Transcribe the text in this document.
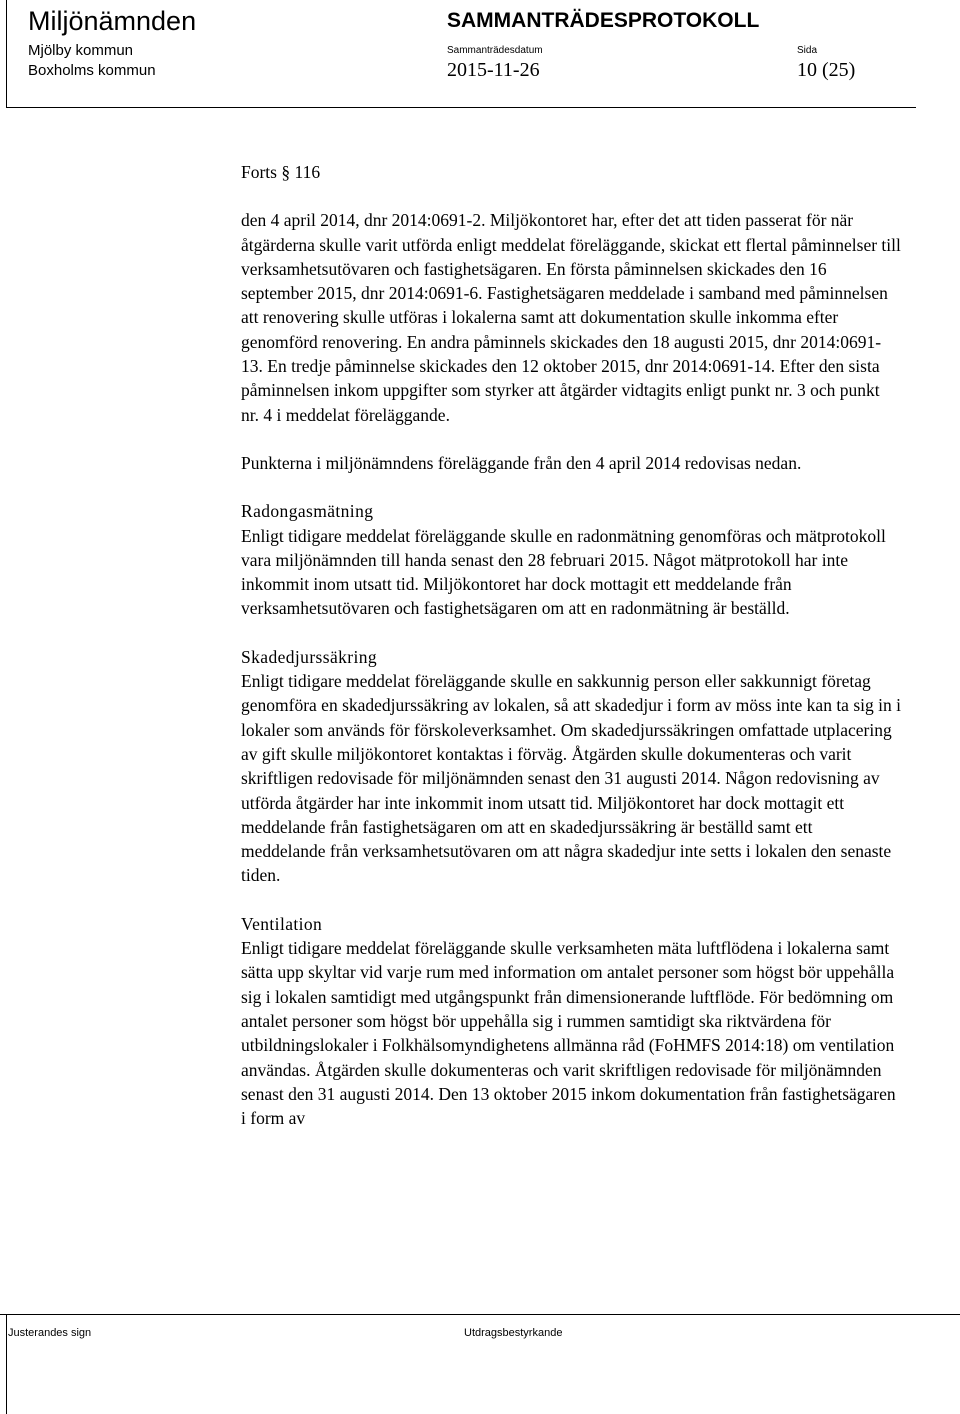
Miljönämnden
Mjölby kommun
Boxholms kommun
SAMMANTRÄDESPROTOKOLL
Sammanträdesdatum
2015-11-26
Sida
10 (25)

Forts § 116

den 4 april 2014, dnr 2014:0691-2. Miljökontoret har, efter det att tiden passerat för när åtgärderna skulle varit utförda enligt meddelat föreläggande, skickat ett flertal påminnelser till verksamhetsutövaren och fastighetsägaren. En första påminnelsen skickades den 16 september 2015, dnr 2014:0691-6. Fastighetsägaren meddelade i samband med påminnelsen att renovering skulle utföras i lokalerna samt att dokumentation skulle inkomma efter genomförd renovering. En andra påminnels skickades den 18 augusti 2015, dnr 2014:0691-13. En tredje påminnelse skickades den 12 oktober 2015, dnr 2014:0691-14. Efter den sista påminnelsen inkom uppgifter som styrker att åtgärder vidtagits enligt punkt nr. 3 och punkt nr. 4 i meddelat föreläggande.

Punkterna i miljönämndens föreläggande från den 4 april 2014 redovisas nedan.

Radongasmätning

Enligt tidigare meddelat föreläggande skulle en radonmätning genomföras och mätprotokoll vara miljönämnden till handa senast den 28 februari 2015. Något mätprotokoll har inte inkommit inom utsatt tid. Miljökontoret har dock mottagit ett meddelande från verksamhetsutövaren och fastighetsägaren om att en radonmätning är beställd.

Skadedjurssäkring

Enligt tidigare meddelat föreläggande skulle en sakkunnig person eller sakkunnigt företag genomföra en skadedjurssäkring av lokalen, så att skadedjur i form av möss inte kan ta sig in i lokaler som används för förskoleverksamhet. Om skadedjurssäkringen omfattade utplacering av gift skulle miljökontoret kontaktas i förväg. Åtgärden skulle dokumenteras och varit skriftligen redovisade för miljönämnden senast den 31 augusti 2014. Någon redovisning av utförda åtgärder har inte inkommit inom utsatt tid. Miljökontoret har dock mottagit ett meddelande från fastighetsägaren om att en skadedjurssäkring är beställd samt ett meddelande från verksamhetsutövaren om att några skadedjur inte setts i lokalen den senaste tiden.

Ventilation

Enligt tidigare meddelat föreläggande skulle verksamheten mäta luftflödena i lokalerna samt sätta upp skyltar vid varje rum med information om antalet personer som högst bör uppehålla sig i lokalen samtidigt med utgångspunkt från dimensionerande luftflöde. För bedömning om antalet personer som högst bör uppehålla sig i rummen samtidigt ska riktvärdena för utbildningslokaler i Folkhälsomyndighetens allmänna råd (FoHMFS 2014:18) om ventilation användas. Åtgärden skulle dokumenteras och varit skriftligen redovisade för miljönämnden senast den 31 augusti 2014. Den 13 oktober 2015 inkom dokumentation från fastighetsägaren i form av

Justerandes sign	Utdragsbestyrkande
